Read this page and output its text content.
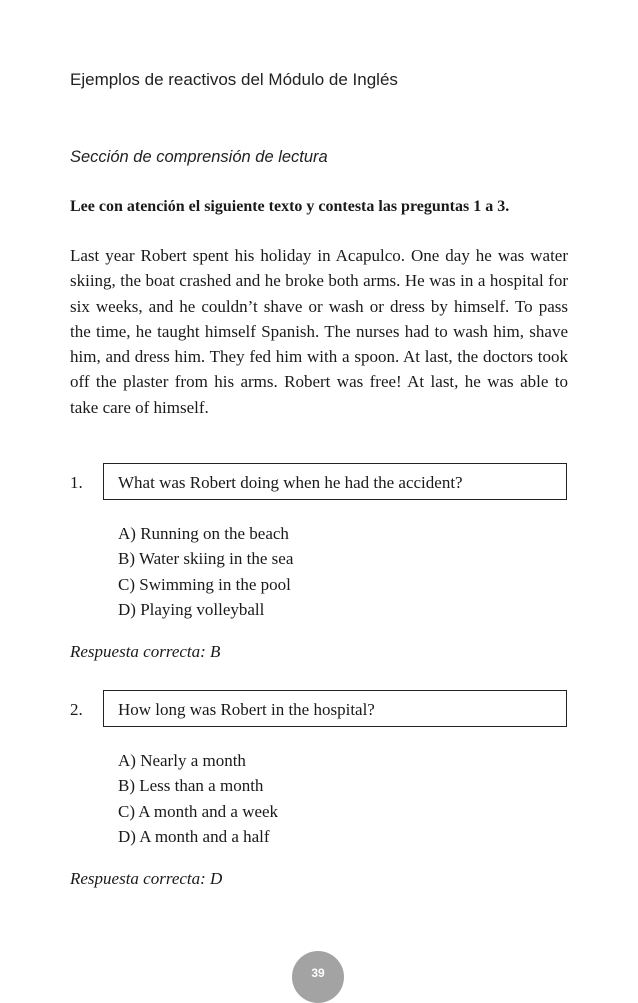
Ejemplos de reactivos del Módulo de Inglés
Sección de comprensión de lectura
Lee con atención el siguiente texto y contesta las preguntas 1 a 3.

Last year Robert spent his holiday in Acapulco. One day he was water skiing, the boat crashed and he broke both arms. He was in a hospital for six weeks, and he couldn’t shave or wash or dress by himself. To pass the time, he taught himself Spanish. The nurses had to wash him, shave him, and dress him. They fed him with a spoon. At last, the doctors took off the plaster from his arms. Robert was free! At last, he was able to take care of himself.

1. What was Robert doing when he had the accident?
A) Running on the beach
B) Water skiing in the sea
C) Swimming in the pool
D) Playing volleyball
Respuesta correcta: B
2. How long was Robert in the hospital?
A) Nearly a month
B) Less than a month
C) A month and a week
D) A month and a half
Respuesta correcta: D
39
